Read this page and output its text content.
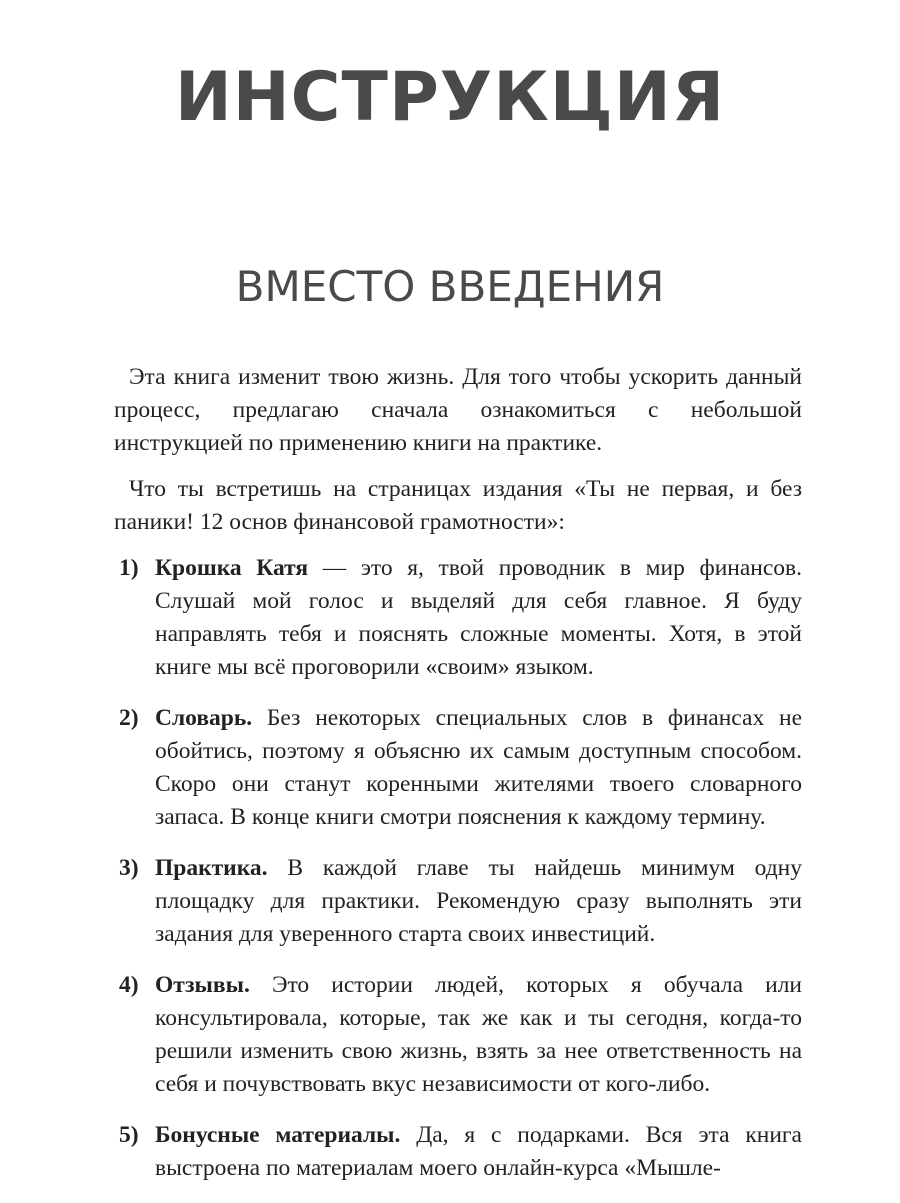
ИНСТРУКЦИЯ
ВМЕСТО ВВЕДЕНИЯ

Эта книга изменит твою жизнь. Для того чтобы ускорить данный процесс, предлагаю сначала ознакомиться с небольшой инструкцией по применению книги на практике.

Что ты встретишь на страницах издания «Ты не первая, и без паники! 12 основ финансовой грамотности»:

1) Крошка Катя — это я, твой проводник в мир финансов. Слушай мой голос и выделяй для себя главное. Я буду направлять тебя и пояснять сложные моменты. Хотя, в этой книге мы всё проговорили «своим» языком.
2) Словарь. Без некоторых специальных слов в финансах не обойтись, поэтому я объясню их самым доступным способом. Скоро они станут коренными жителями твоего словарного запаса. В конце книги смотри пояснения к каждому термину.
3) Практика. В каждой главе ты найдешь минимум одну площадку для практики. Рекомендую сразу выполнять эти задания для уверенного старта своих инвестиций.
4) Отзывы. Это истории людей, которых я обучала или консультировала, которые, так же как и ты сегодня, когда-то решили изменить свою жизнь, взять за нее ответственность на себя и почувствовать вкус независимости от кого-либо.
5) Бонусные материалы. Да, я с подарками. Вся эта книга выстроена по материалам моего онлайн-курса «Мышле-
